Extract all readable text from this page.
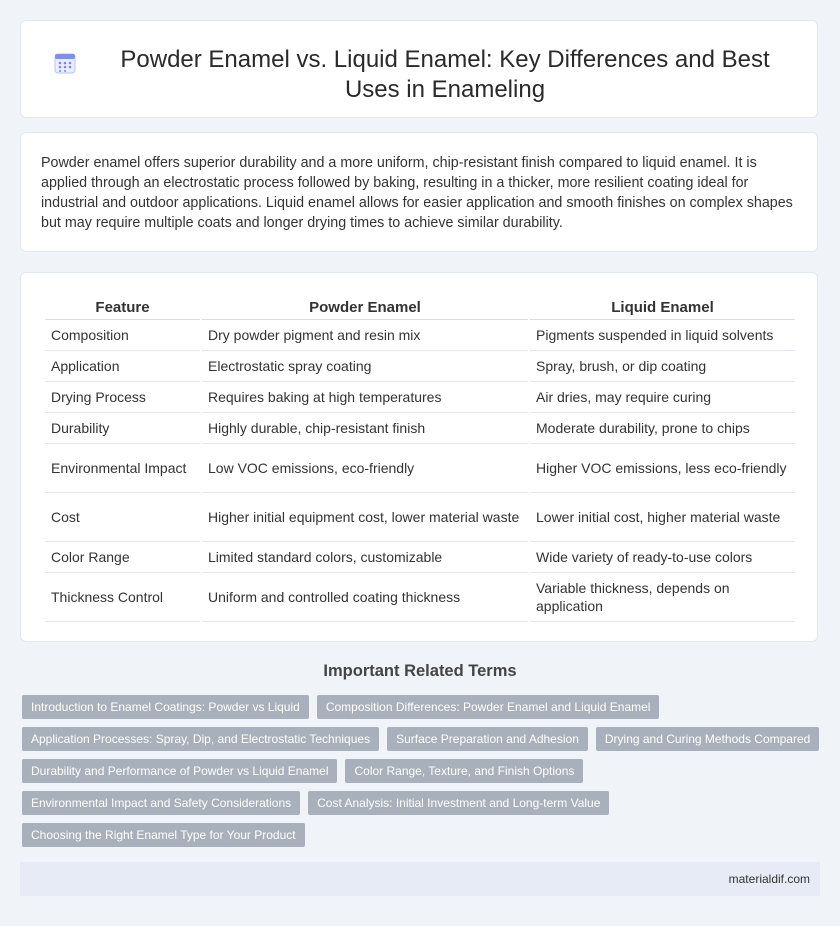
Powder Enamel vs. Liquid Enamel: Key Differences and Best Uses in Enameling

Powder enamel offers superior durability and a more uniform, chip-resistant finish compared to liquid enamel. It is applied through an electrostatic process followed by baking, resulting in a thicker, more resilient coating ideal for industrial and outdoor applications. Liquid enamel allows for easier application and smooth finishes on complex shapes but may require multiple coats and longer drying times to achieve similar durability.

Feature	Powder Enamel	Liquid Enamel
Composition	Dry powder pigment and resin mix	Pigments suspended in liquid solvents
Application	Electrostatic spray coating	Spray, brush, or dip coating
Drying Process	Requires baking at high temperatures	Air dries, may require curing
Durability	Highly durable, chip-resistant finish	Moderate durability, prone to chips
Environmental Impact	Low VOC emissions, eco-friendly	Higher VOC emissions, less eco-friendly
Cost	Higher initial equipment cost, lower material waste	Lower initial cost, higher material waste
Color Range	Limited standard colors, customizable	Wide variety of ready-to-use colors
Thickness Control	Uniform and controlled coating thickness	Variable thickness, depends on application
Important Related Terms
Introduction to Enamel Coatings: Powder vs Liquid	Composition Differences: Powder Enamel and Liquid Enamel
Application Processes: Spray, Dip, and Electrostatic Techniques	Surface Preparation and Adhesion	Drying and Curing Methods Compared
Durability and Performance of Powder vs Liquid Enamel	Color Range, Texture, and Finish Options
Environmental Impact and Safety Considerations	Cost Analysis: Initial Investment and Long-term Value
Choosing the Right Enamel Type for Your Product
materialdif.com
